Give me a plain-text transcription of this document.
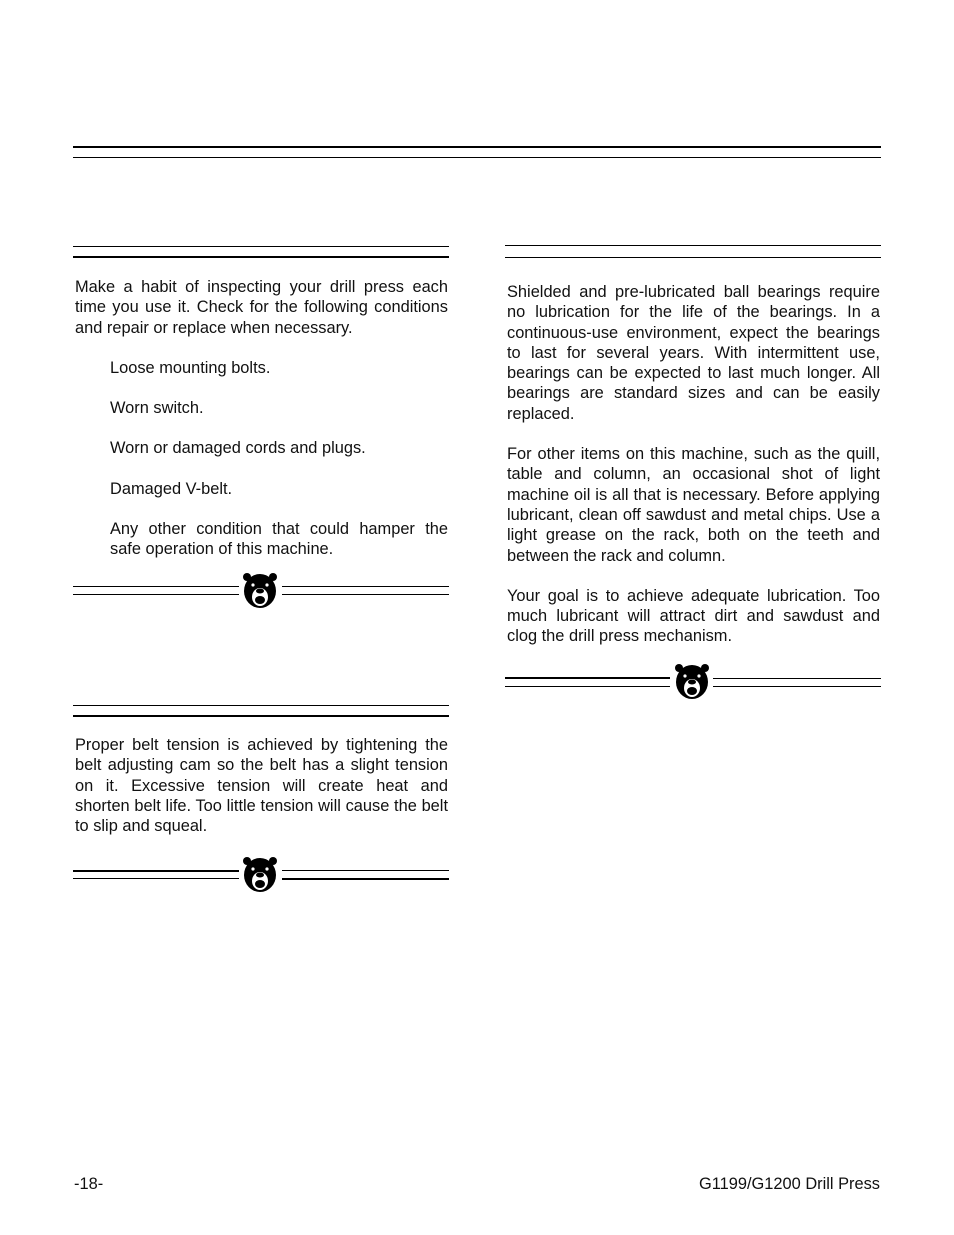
Make a habit of inspecting your drill press each time you use it. Check for the following conditions and repair or replace when necessary.

Loose mounting bolts.

Worn switch.

Worn or damaged cords and plugs.

Damaged V-belt.

Any other condition that could hamper the safe operation of this machine.

Proper belt tension is achieved by tightening the belt adjusting cam so the belt has a slight tension on it. Excessive tension will create heat and shorten belt life. Too little tension will cause the belt to slip and squeal.

Shielded and pre-lubricated ball bearings require no lubrication for the life of the bearings. In a continuous-use environment, expect the bearings to last for several years. With intermittent use, bearings can be expected to last much longer. All bearings are standard sizes and can be easily replaced.

For other items on this machine, such as the quill, table and column, an occasional shot of light machine oil is all that is necessary. Before applying lubricant, clean off sawdust and metal chips. Use a light grease on the rack, both on the teeth and between the rack and column.

Your goal is to achieve adequate lubrication. Too much lubricant will attract dirt and sawdust and clog the drill press mechanism.

-18-	G1199/G1200 Drill Press
